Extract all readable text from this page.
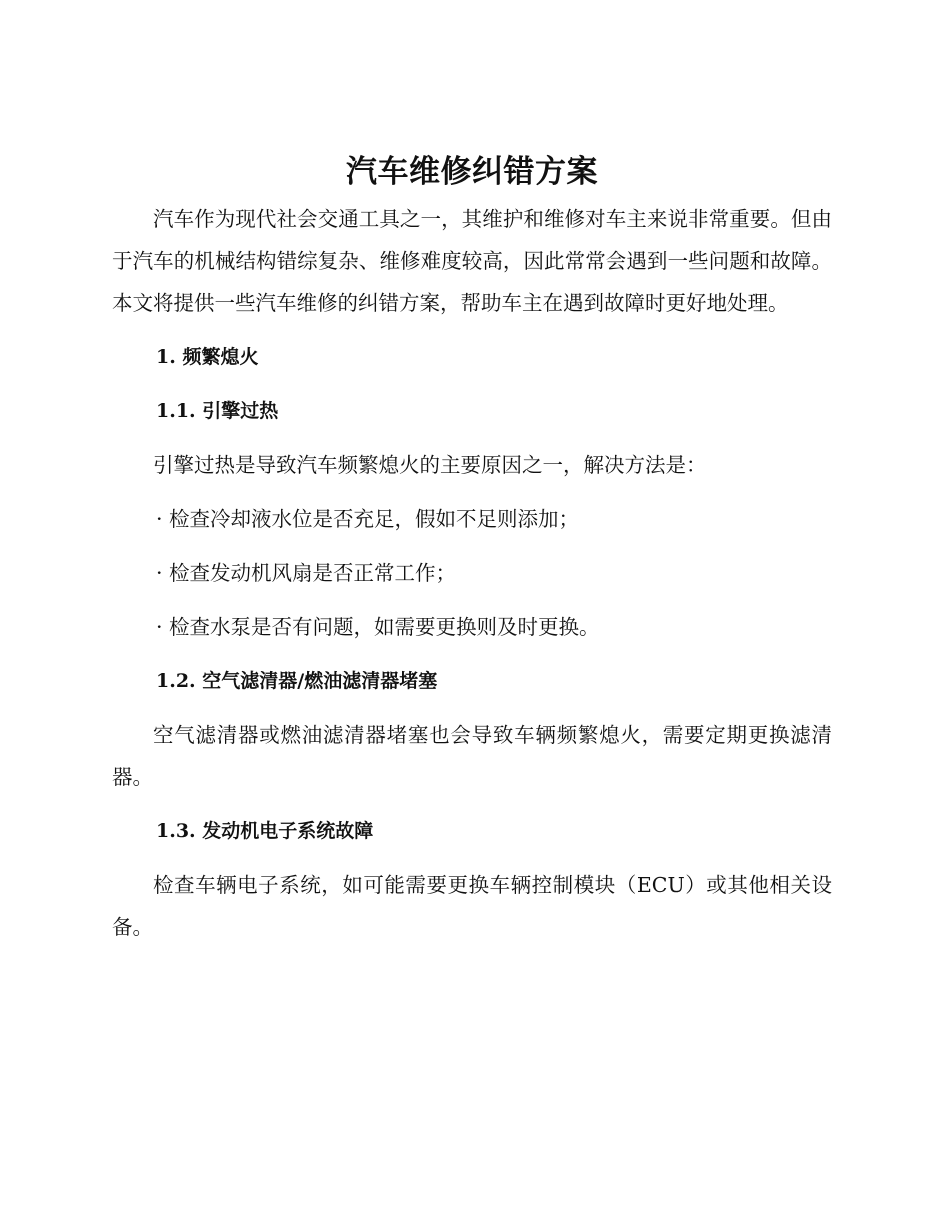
汽车维修纠错方案

汽车作为现代社会交通工具之一，其维护和维修对车主来说非常重要。但由于汽车的机械结构错综复杂、维修难度较高，因此常常会遇到一些问题和故障。本文将提供一些汽车维修的纠错方案，帮助车主在遇到故障时更好地处理。

1. 频繁熄火
1.1. 引擎过热

引擎过热是导致汽车频繁熄火的主要原因之一，解决方法是：

· 检查冷却液水位是否充足，假如不足则添加；

· 检查发动机风扇是否正常工作；

· 检查水泵是否有问题，如需要更换则及时更换。

1.2. 空气滤清器/燃油滤清器堵塞

空气滤清器或燃油滤清器堵塞也会导致车辆频繁熄火，需要定期更换滤清器。

1.3. 发动机电子系统故障

检查车辆电子系统，如可能需要更换车辆控制模块（ECU）或其他相关设备。
